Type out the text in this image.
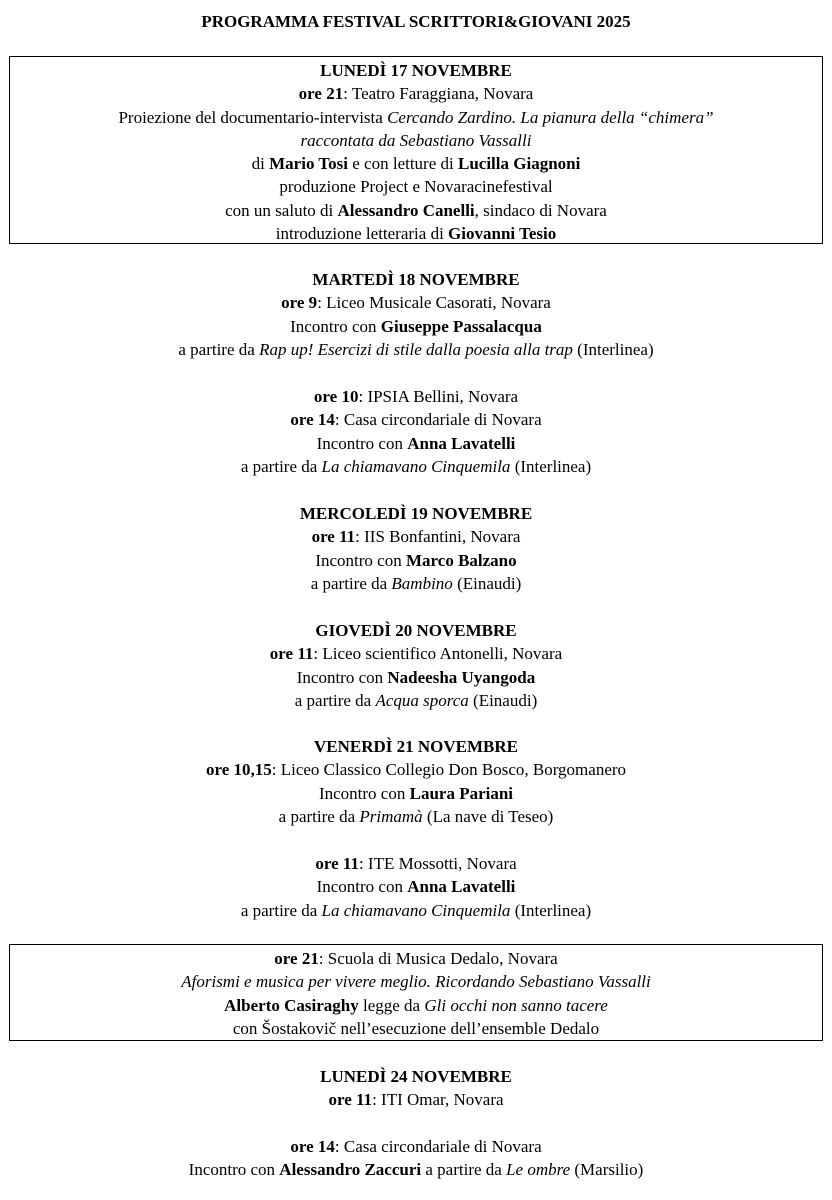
PROGRAMMA FESTIVAL SCRITTORI&GIOVANI 2025
LUNEDÌ 17 NOVEMBRE
ore 21: Teatro Faraggiana, Novara
Proiezione del documentario-intervista Cercando Zardino. La pianura della “chimera”
raccontata da Sebastiano Vassalli
di Mario Tosi e con letture di Lucilla Giagnoni
produzione Project e Novaracinefestival
con un saluto di Alessandro Canelli, sindaco di Novara
introduzione letteraria di Giovanni Tesio
MARTEDÌ 18 NOVEMBRE
ore 9: Liceo Musicale Casorati, Novara
Incontro con Giuseppe Passalacqua
a partire da Rap up! Esercizi di stile dalla poesia alla trap (Interlinea)
ore 10: IPSIA Bellini, Novara
ore 14: Casa circondariale di Novara
Incontro con Anna Lavatelli
a partire da La chiamavano Cinquemila (Interlinea)
MERCOLEDÌ 19 NOVEMBRE
ore 11: IIS Bonfantini, Novara
Incontro con Marco Balzano
a partire da Bambino (Einaudi)
GIOVEDÌ 20 NOVEMBRE
ore 11: Liceo scientifico Antonelli, Novara
Incontro con Nadeesha Uyangoda
a partire da Acqua sporca (Einaudi)
VENERDÌ 21 NOVEMBRE
ore 10,15: Liceo Classico Collegio Don Bosco, Borgomanero
Incontro con Laura Pariani
a partire da Primamà (La nave di Teseo)
ore 11: ITE Mossotti, Novara
Incontro con Anna Lavatelli
a partire da La chiamavano Cinquemila (Interlinea)
ore 21: Scuola di Musica Dedalo, Novara
Aforismi e musica per vivere meglio. Ricordando Sebastiano Vassalli
Alberto Casiraghy legge da Gli occhi non sanno tacere
con Šostakovič nell’esecuzione dell’ensemble Dedalo
LUNEDÌ 24 NOVEMBRE
ore 11: ITI Omar, Novara
ore 14: Casa circondariale di Novara
Incontro con Alessandro Zaccuri a partire da Le ombre (Marsilio)
